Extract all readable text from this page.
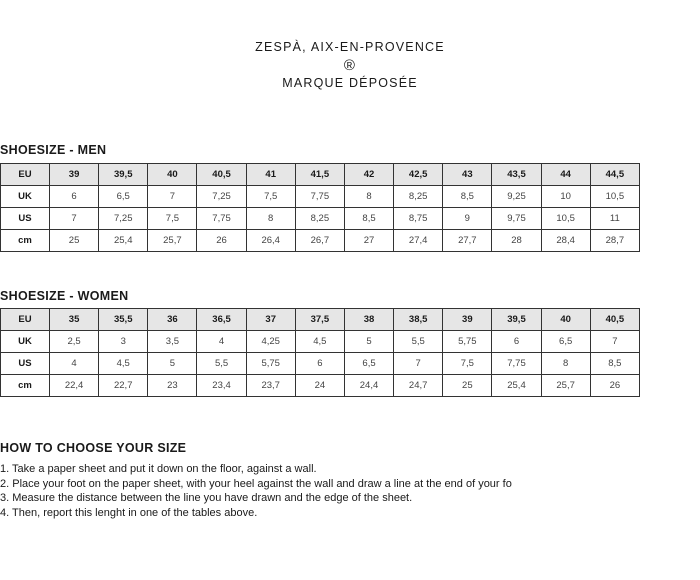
ZESPÀ, AIX-EN-PROVENCE
®
MARQUE DÉPOSÉE
SHOESIZE - MEN
EU	39	39,5	40	40,5	41	41,5	42	42,5	43	43,5	44	44,5
UK	6	6,5	7	7,25	7,5	7,75	8	8,25	8,5	9,25	10	10,5
US	7	7,25	7,5	7,75	8	8,25	8,5	8,75	9	9,75	10,5	11
cm	25	25,4	25,7	26	26,4	26,7	27	27,4	27,7	28	28,4	28,7
SHOESIZE - WOMEN
EU	35	35,5	36	36,5	37	37,5	38	38,5	39	39,5	40	40,5
UK	2,5	3	3,5	4	4,25	4,5	5	5,5	5,75	6	6,5	7
US	4	4,5	5	5,5	5,75	6	6,5	7	7,5	7,75	8	8,5
cm	22,4	22,7	23	23,4	23,7	24	24,4	24,7	25	25,4	25,7	26
HOW TO CHOOSE YOUR SIZE
1. Take a paper sheet and put it down on the floor, against a wall.
2. Place your foot on the paper sheet, with your heel against the wall and draw a line at the end of your fo
3. Measure the distance between the line you have drawn and the edge of the sheet.
4. Then, report this lenght in one of the tables above.
